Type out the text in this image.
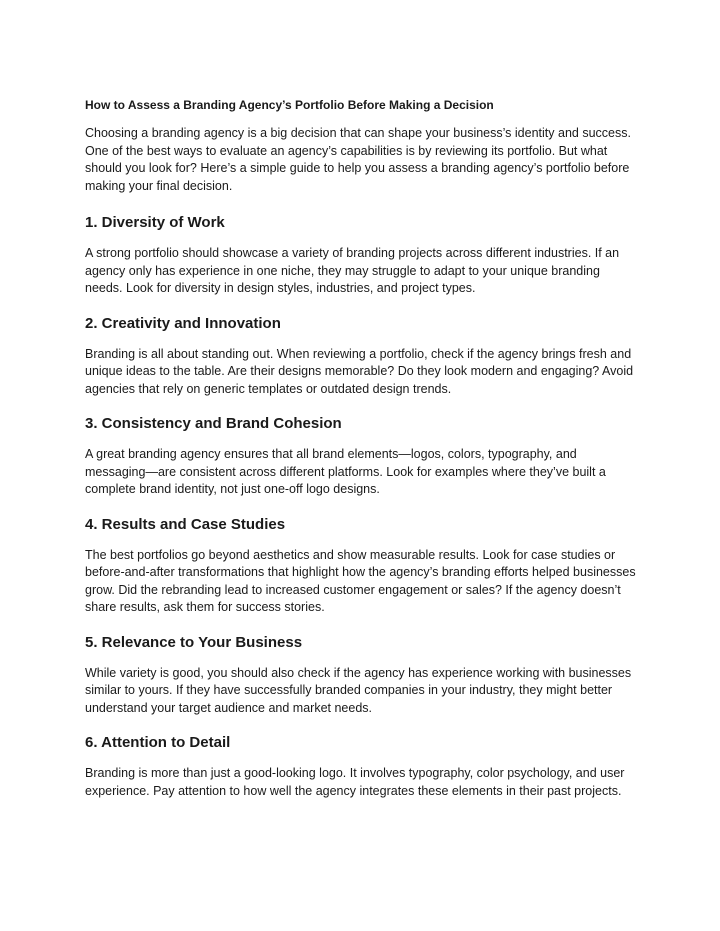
How to Assess a Branding Agency’s Portfolio Before Making a Decision

Choosing a branding agency is a big decision that can shape your business’s identity and success. One of the best ways to evaluate an agency’s capabilities is by reviewing its portfolio. But what should you look for? Here’s a simple guide to help you assess a branding agency’s portfolio before making your final decision.

1. Diversity of Work

A strong portfolio should showcase a variety of branding projects across different industries. If an agency only has experience in one niche, they may struggle to adapt to your unique branding needs. Look for diversity in design styles, industries, and project types.

2. Creativity and Innovation

Branding is all about standing out. When reviewing a portfolio, check if the agency brings fresh and unique ideas to the table. Are their designs memorable? Do they look modern and engaging? Avoid agencies that rely on generic templates or outdated design trends.

3. Consistency and Brand Cohesion

A great branding agency ensures that all brand elements—logos, colors, typography, and messaging—are consistent across different platforms. Look for examples where they’ve built a complete brand identity, not just one-off logo designs.

4. Results and Case Studies

The best portfolios go beyond aesthetics and show measurable results. Look for case studies or before-and-after transformations that highlight how the agency’s branding efforts helped businesses grow. Did the rebranding lead to increased customer engagement or sales? If the agency doesn’t share results, ask them for success stories.

5. Relevance to Your Business

While variety is good, you should also check if the agency has experience working with businesses similar to yours. If they have successfully branded companies in your industry, they might better understand your target audience and market needs.

6. Attention to Detail

Branding is more than just a good-looking logo. It involves typography, color psychology, and user experience. Pay attention to how well the agency integrates these elements in their past projects.
